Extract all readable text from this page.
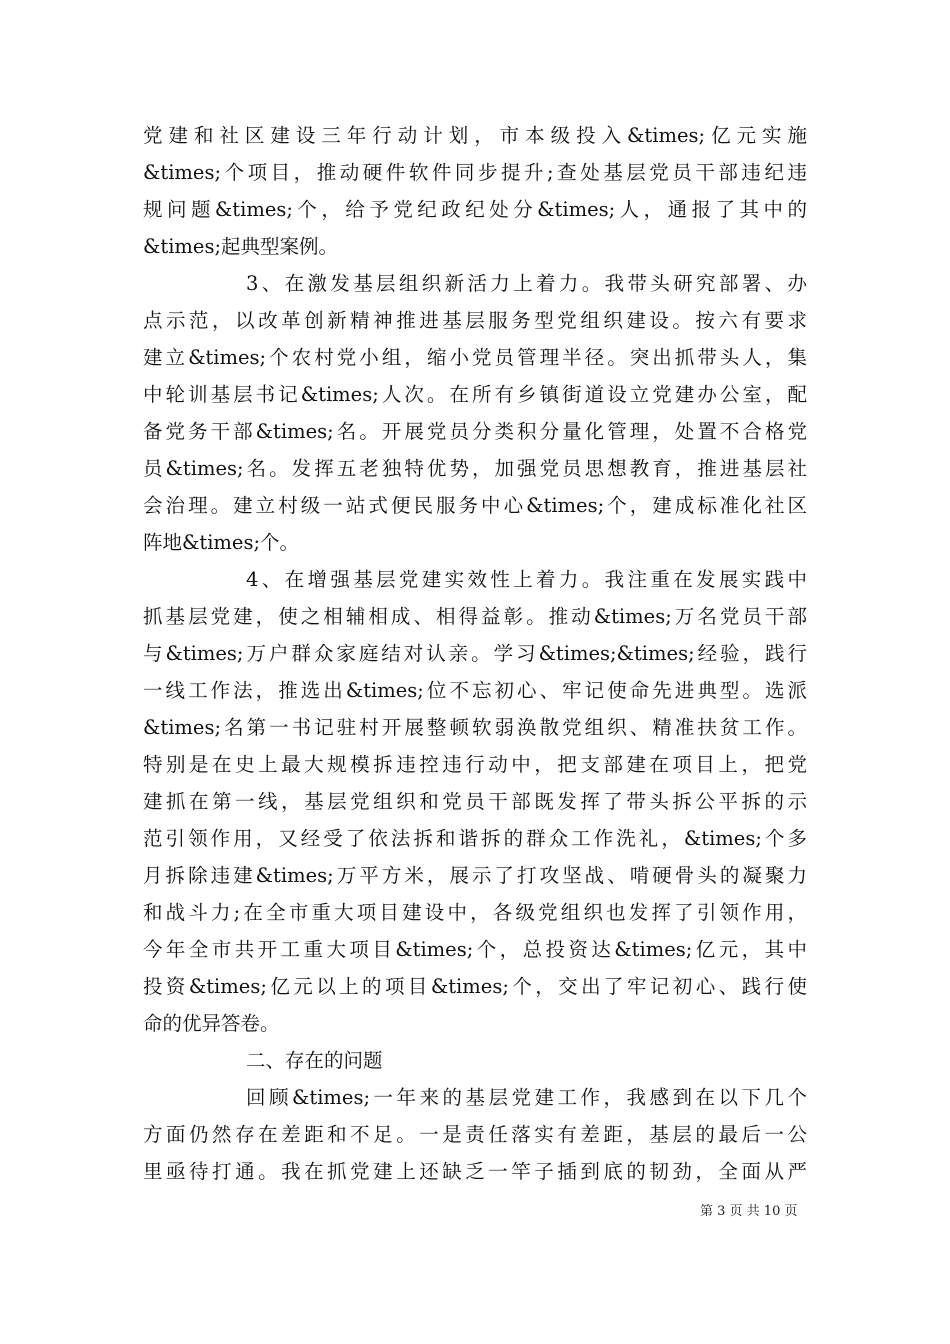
党建和社区建设三年行动计划，市本级投入&times;亿元实施
&times;个项目，推动硬件软件同步提升;查处基层党员干部违纪违
规问题&times;个，给予党纪政纪处分&times;人，通报了其中的
&times;起典型案例。
3、在激发基层组织新活力上着力。我带头研究部署、办
点示范，以改革创新精神推进基层服务型党组织建设。按六有要求
建立&times;个农村党小组，缩小党员管理半径。突出抓带头人，集
中轮训基层书记&times;人次。在所有乡镇街道设立党建办公室，配
备党务干部&times;名。开展党员分类积分量化管理，处置不合格党
员&times;名。发挥五老独特优势，加强党员思想教育，推进基层社
会治理。建立村级一站式便民服务中心&times;个，建成标准化社区
阵地&times;个。
4、在增强基层党建实效性上着力。我注重在发展实践中
抓基层党建，使之相辅相成、相得益彰。推动&times;万名党员干部
与&times;万户群众家庭结对认亲。学习&times;&times;经验，践行
一线工作法，推选出&times;位不忘初心、牢记使命先进典型。选派
&times;名第一书记驻村开展整顿软弱涣散党组织、精准扶贫工作。
特别是在史上最大规模拆违控违行动中，把支部建在项目上，把党
建抓在第一线，基层党组织和党员干部既发挥了带头拆公平拆的示
范引领作用，又经受了依法拆和谐拆的群众工作洗礼，&times;个多
月拆除违建&times;万平方米，展示了打攻坚战、啃硬骨头的凝聚力
和战斗力;在全市重大项目建设中，各级党组织也发挥了引领作用，
今年全市共开工重大项目&times;个，总投资达&times;亿元，其中
投资&times;亿元以上的项目&times;个，交出了牢记初心、践行使
命的优异答卷。
二、存在的问题
回顾&times;一年来的基层党建工作，我感到在以下几个
方面仍然存在差距和不足。一是责任落实有差距，基层的最后一公
里亟待打通。我在抓党建上还缺乏一竿子插到底的韧劲，全面从严
第 3 页 共 10 页
